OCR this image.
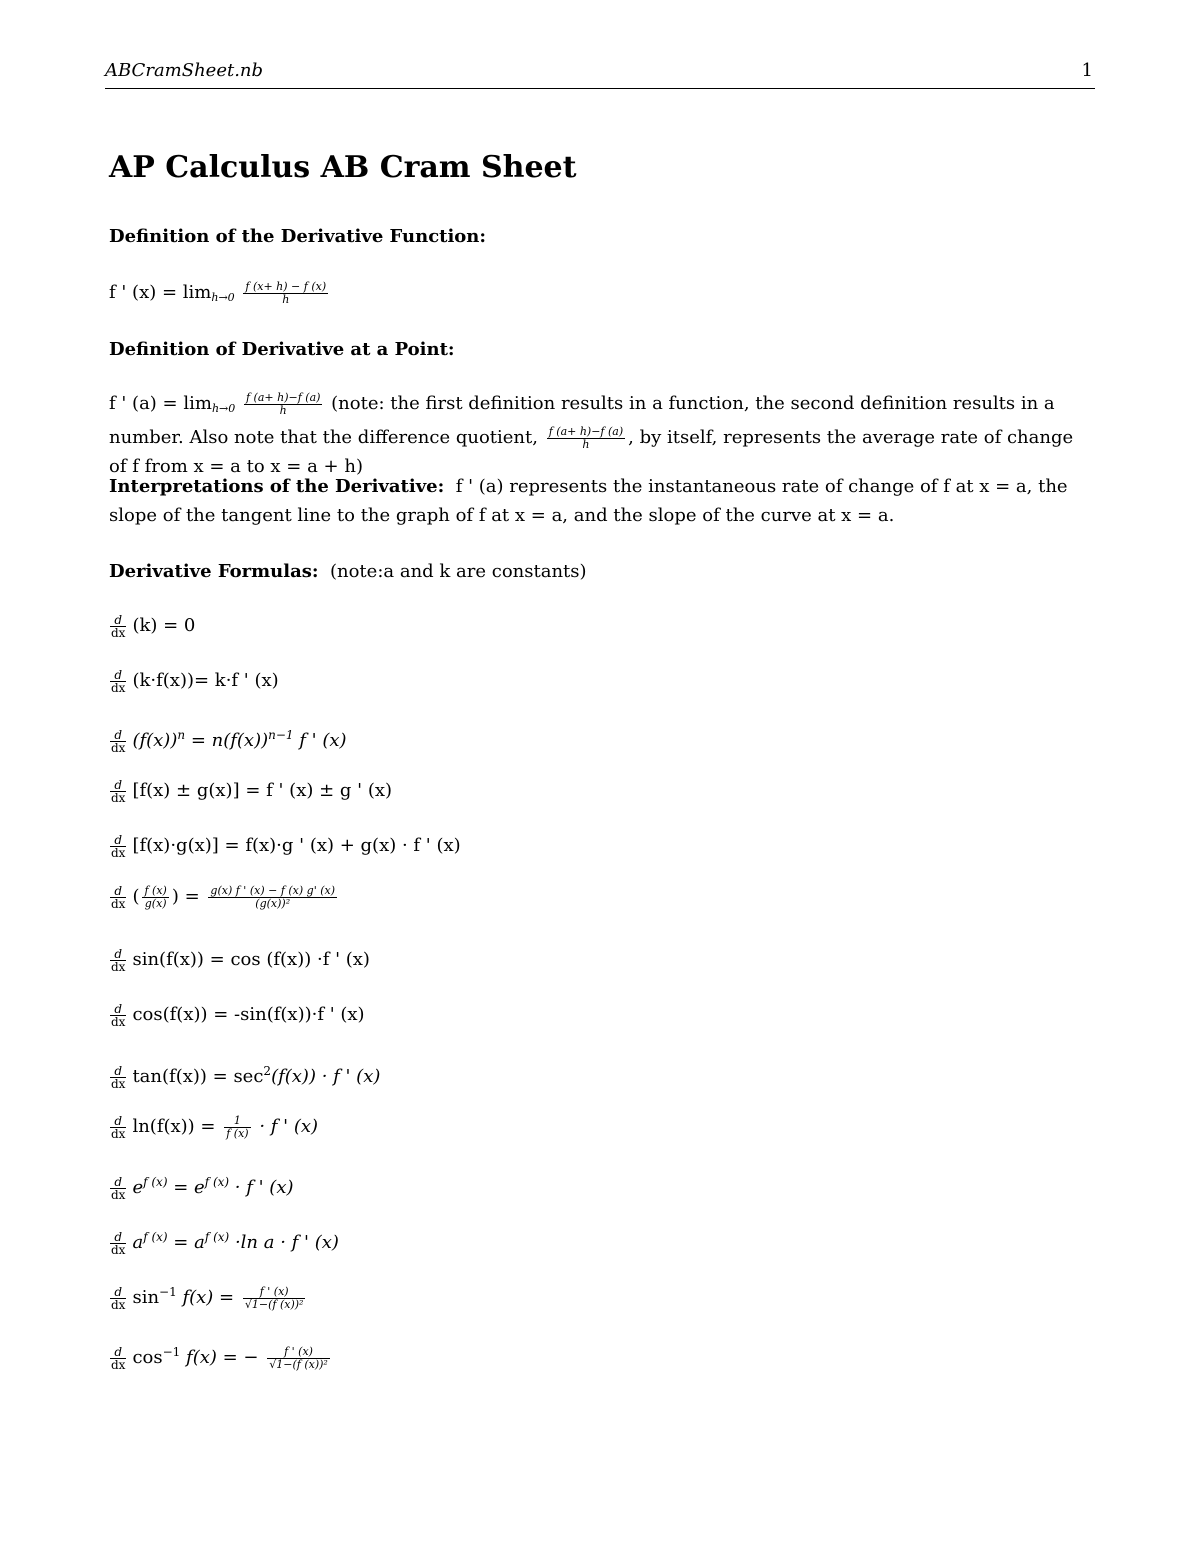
ABCramSheet.nb	1
AP Calculus AB Cram Sheet
Definition of the Derivative Function:
f ' $(x) = \lim_{h\to 0} \frac{f (x+ h) - f (x)}{h}$
Definition of Derivative at a Point:
f ' $(a) = \lim_{h\to 0} \frac{f (a+ h)-f (a)}{h}$ (note: the first definition results in a function, the second definition results in a number. Also note that the difference quotient, $\frac{f (a+ h)-f (a)}{h}$ , by itself, represents the average rate of change of f from x = a to x = a + h)
Interpretations of the Derivative: f ' (a) represents the instantaneous rate of change of f at x = a, the slope of the tangent line to the graph of f at x = a, and the slope of the curve at x = a.
Derivative Formulas: (note:a and k are constants)
$\frac{d}{dx} (k) = 0$
$\frac{d}{dx} (k\cdot f(x))= k\cdot f$ ' (x)
$\frac{d}{dx} (f(x))^n = n(f(x))^{n-1}$ f ' (x)
$\frac{d}{dx} [f(x) \pm g(x)] = f$ ' (x) ± g ' (x)
$\frac{d}{dx} [f(x)\cdot g(x)] = f(x)\cdot g$ ' (x) + g(x) · f ' (x)
$\frac{d}{dx}$ ( $\frac{f (x)}{g(x)}$ ) = $\frac{g(x) f ' (x) - f (x) g' (x)}{\text{(g(x))²}}$
$\frac{d}{dx} \sin(f(x)) = \cos (f(x)) \cdot f$ ' (x)
$\frac{d}{dx} \cos(f(x)) = -\sin(f(x))\cdot f$ ' (x)
$\frac{d}{dx} \tan(f(x)) = \sec^2(f(x)) \cdot f$ ' (x)
$\frac{d}{dx} \ln(f(x)) = \frac{1}{f (x)} \cdot f$ ' (x)
$\frac{d}{dx} e^{f (x)} = e^{f (x)} \cdot f$ ' (x)
$\frac{d}{dx} a^{f (x)} = a^{f (x)} \cdot\ln$ a · f ' (x)
$\frac{d}{dx} \sin^{-1} f(x) = \frac{f ' (x)}{\text{√1−(f (x))²}}$
$\frac{d}{dx} \cos^{-1} f(x)$ = − $\frac{f ' (x)}{\text{√1−(f (x))²}}$
